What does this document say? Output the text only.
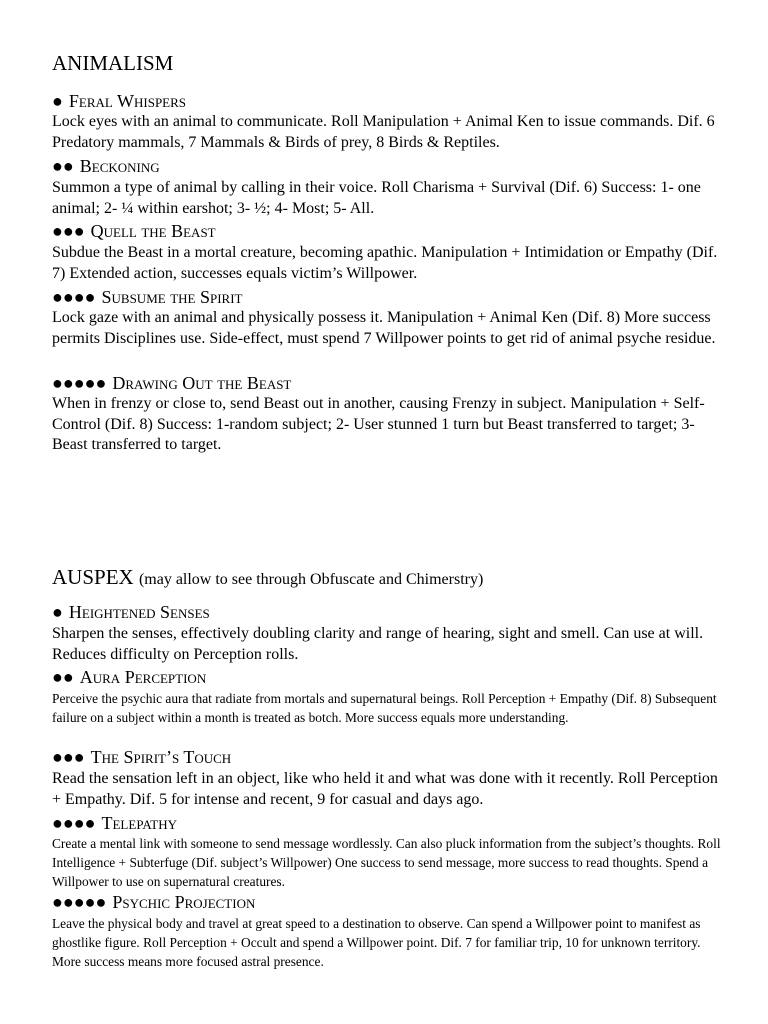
ANIMALISM
● Feral Whispers
Lock eyes with an animal to communicate. Roll Manipulation + Animal Ken to issue commands. Dif. 6 Predatory mammals, 7 Mammals & Birds of prey, 8 Birds & Reptiles.
●● Beckoning
Summon a type of animal by calling in their voice. Roll Charisma + Survival (Dif. 6) Success: 1- one animal; 2- ¼ within earshot; 3- ½; 4- Most; 5- All.
●●● Quell the Beast
Subdue the Beast in a mortal creature, becoming apathic. Manipulation + Intimidation or Empathy (Dif. 7) Extended action, successes equals victim’s Willpower.
●●●● Subsume the Spirit
Lock gaze with an animal and physically possess it. Manipulation + Animal Ken (Dif. 8) More success permits Disciplines use. Side-effect, must spend 7 Willpower points to get rid of animal psyche residue.
●●●●● Drawing Out the Beast
When in frenzy or close to, send Beast out in another, causing Frenzy in subject. Manipulation + Self-Control (Dif. 8) Success: 1-random subject; 2- User stunned 1 turn but Beast transferred to target; 3-Beast transferred to target.
AUSPEX (may allow to see through Obfuscate and Chimerstry)
● Heightened Senses
Sharpen the senses, effectively doubling clarity and range of hearing, sight and smell. Can use at will. Reduces difficulty on Perception rolls.
●● Aura Perception
Perceive the psychic aura that radiate from mortals and supernatural beings. Roll Perception + Empathy (Dif. 8) Subsequent failure on a subject within a month is treated as botch. More success equals more understanding.
●●● The Spirit’s Touch
Read the sensation left in an object, like who held it and what was done with it recently. Roll Perception + Empathy. Dif. 5 for intense and recent, 9 for casual and days ago.
●●●● Telepathy
Create a mental link with someone to send message wordlessly. Can also pluck information from the subject’s thoughts. Roll Intelligence + Subterfuge (Dif. subject’s Willpower) One success to send message, more success to read thoughts. Spend a Willpower to use on supernatural creatures.
●●●●● Psychic Projection
Leave the physical body and travel at great speed to a destination to observe. Can spend a Willpower point to manifest as ghostlike figure. Roll Perception + Occult and spend a Willpower point. Dif. 7 for familiar trip, 10 for unknown territory. More success means more focused astral presence.
